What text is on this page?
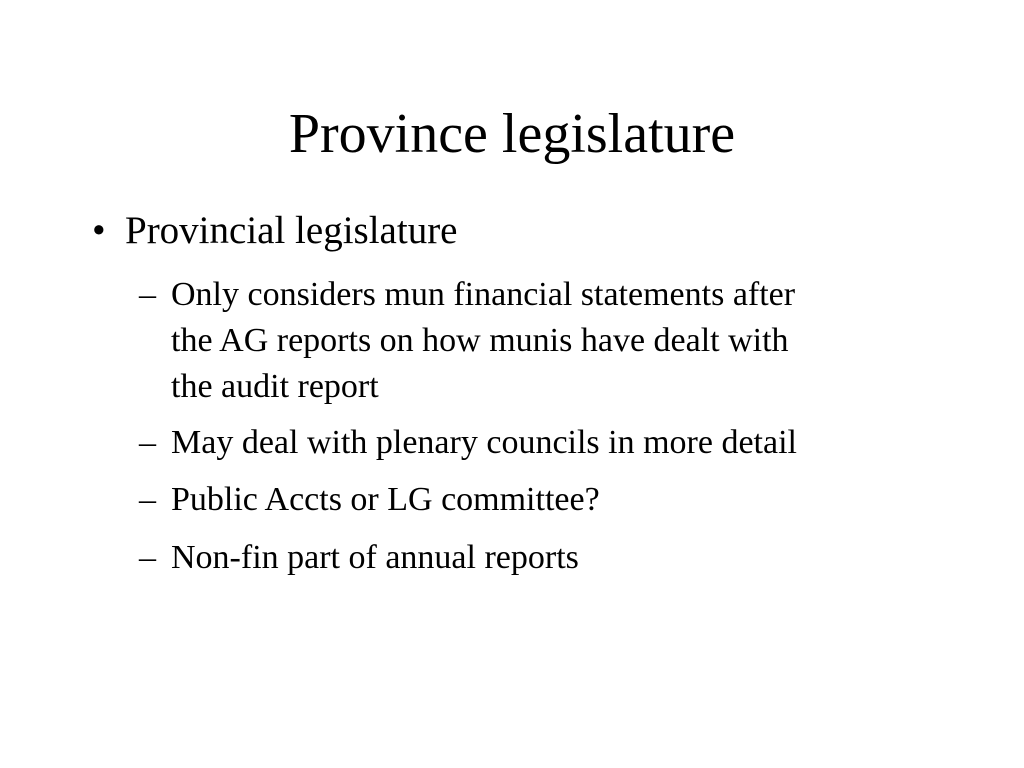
Province legislature
• Provincial legislature
– Only considers mun financial statements after
the AG reports on how munis have dealt with
the audit report
– May deal with plenary councils in more detail
– Public Accts or LG committee?
– Non-fin part of annual reports
